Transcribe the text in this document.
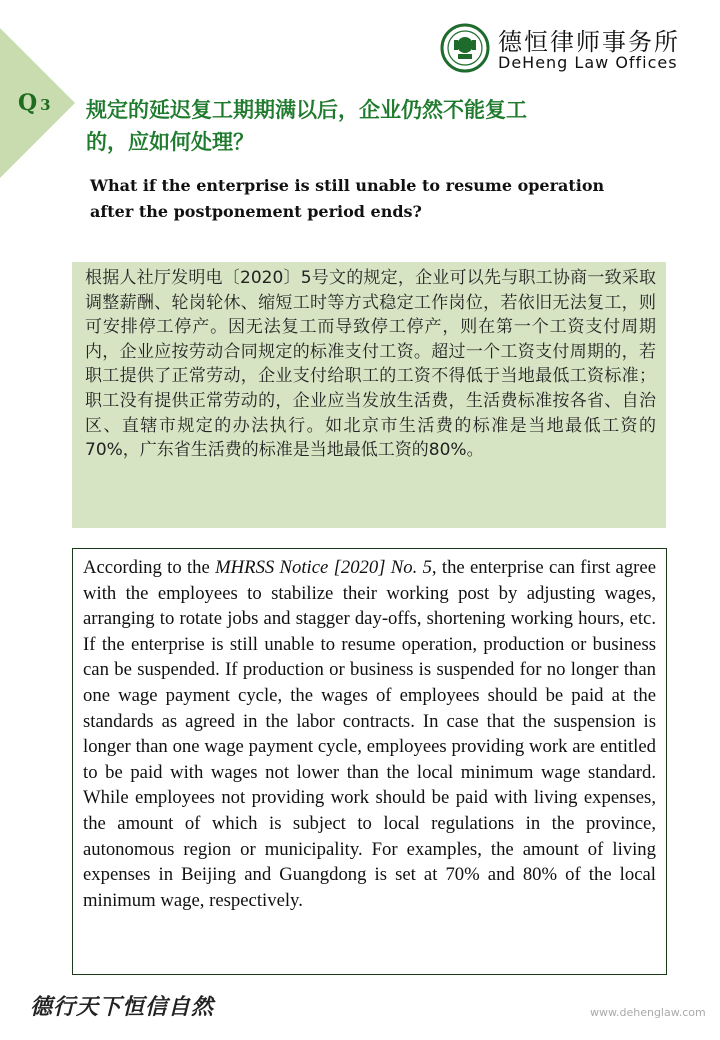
Q 3
德恒律师事务所
DeHeng Law Offices
规定的延迟复工期期满以后，企业仍然不能复工的，应如何处理？
What if the enterprise is still unable to resume operation after the postponement period ends?
根据人社厅发明电〔2020〕5号文的规定，企业可以先与职工协商一致采取调整薪酬、轮岗轮休、缩短工时等方式稳定工作岗位，若依旧无法复工，则可安排停工停产。因无法复工而导致停工停产，则在第一个工资支付周期内，企业应按劳动合同规定的标准支付工资。超过一个工资支付周期的，若职工提供了正常劳动，企业支付给职工的工资不得低于当地最低工资标准；职工没有提供正常劳动的，企业应当发放生活费，生活费标准按各省、自治区、直辖市规定的办法执行。如北京市生活费的标准是当地最低工资的70%，广东省生活费的标准是当地最低工资的80%。

According to the MHRSS Notice [2020] No. 5, the enterprise can first agree with the employees to stabilize their working post by adjusting wages, arranging to rotate jobs and stagger day-offs, shortening working hours, etc. If the enterprise is still unable to resume operation, production or business can be suspended. If production or business is suspended for no longer than one wage payment cycle, the wages of employees should be paid at the standards as agreed in the labor contracts. In case that the suspension is longer than one wage payment cycle, employees providing work are entitled to be paid with wages not lower than the local minimum wage standard. While employees not providing work should be paid with living expenses, the amount of which is subject to local regulations in the province, autonomous region or municipality. For examples, the amount of living expenses in Beijing and Guangdong is set at 70% and 80% of the local minimum wage, respectively.

德行天下恒信自然	www.dehenglaw.com
